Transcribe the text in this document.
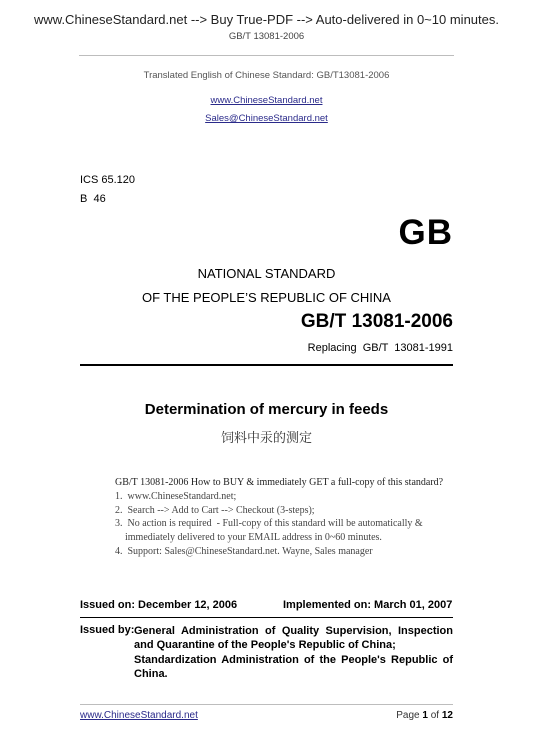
www.ChineseStandard.net --> Buy True-PDF --> Auto-delivered in 0~10 minutes.
GB/T 13081-2006
Translated English of Chinese Standard: GB/T13081-2006
www.ChineseStandard.net
Sales@ChineseStandard.net
ICS 65.120
B  46
GB
NATIONAL STANDARD
OF THE PEOPLE’S REPUBLIC OF CHINA
GB/T 13081-2006
Replacing  GB/T  13081-1991
Determination of mercury in feeds
饲料中汞的测定
GB/T 13081-2006 How to BUY & immediately GET a full-copy of this standard?
1.  www.ChineseStandard.net;
2.  Search --> Add to Cart --> Checkout (3-steps);
3.  No action is required  - Full-copy of this standard will be automatically &
immediately delivered to your EMAIL address in 0~60 minutes.
4.  Support: Sales@ChineseStandard.net. Wayne, Sales manager
Issued on: December 12, 2006	Implemented on: March 01, 2007
Issued by: General Administration of Quality Supervision, Inspection and Quarantine of the People's Republic of China;
Standardization Administration of the People's Republic of China.
www.ChineseStandard.net	Page 1 of 12
